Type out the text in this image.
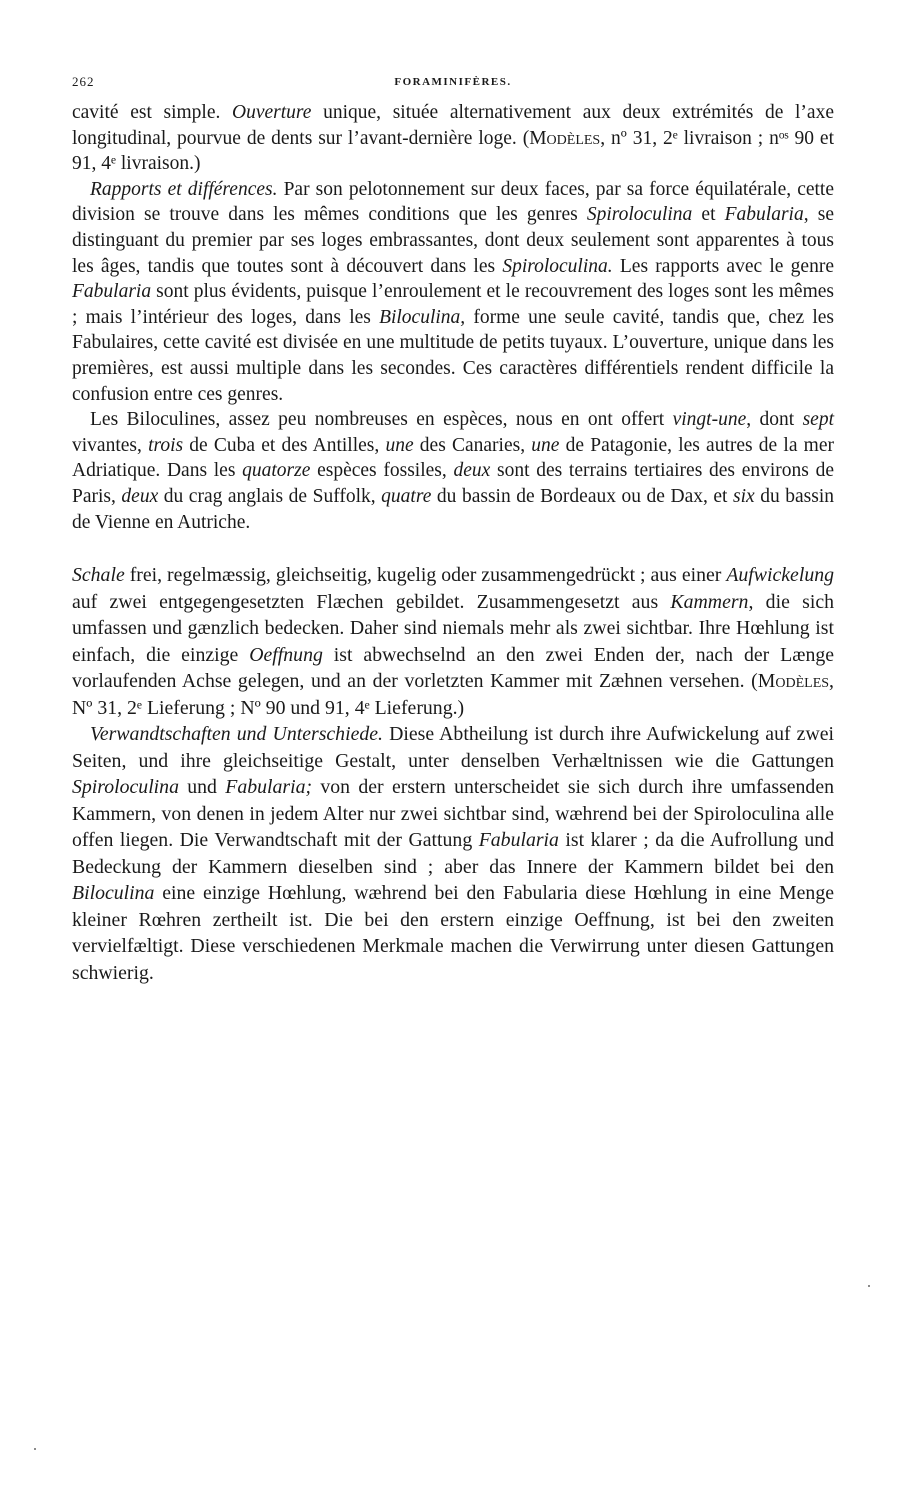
262	FORAMINIFÈRES.

cavité est simple. Ouverture unique, située alternativement aux deux extrémités de l’axe longitudinal, pourvue de dents sur l’avant-dernière loge. (Modèles, nº 31, 2ᵉ livraison ; nᵒˢ 90 et 91, 4ᵉ livraison.)

Rapports et différences. Par son pelotonnement sur deux faces, par sa force équilatérale, cette division se trouve dans les mêmes conditions que les genres Spiroloculina et Fabularia, se distinguant du premier par ses loges embrassantes, dont deux seulement sont apparentes à tous les âges, tandis que toutes sont à découvert dans les Spiroloculina. Les rapports avec le genre Fabularia sont plus évidents, puisque l’enroulement et le recouvrement des loges sont les mêmes ; mais l’intérieur des loges, dans les Biloculina, forme une seule cavité, tandis que, chez les Fabulaires, cette cavité est divisée en une multitude de petits tuyaux. L’ouverture, unique dans les premières, est aussi multiple dans les secondes. Ces caractères différentiels rendent difficile la confusion entre ces genres.

Les Biloculines, assez peu nombreuses en espèces, nous en ont offert vingt-une, dont sept vivantes, trois de Cuba et des Antilles, une des Canaries, une de Patagonie, les autres de la mer Adriatique. Dans les quatorze espèces fossiles, deux sont des terrains tertiaires des environs de Paris, deux du crag anglais de Suffolk, quatre du bassin de Bordeaux ou de Dax, et six du bassin de Vienne en Autriche.

Schale frei, regelmæssig, gleichseitig, kugelig oder zusammengedrückt ; aus einer Aufwickelung auf zwei entgegengesetzten Flæchen gebildet. Zusammengesetzt aus Kammern, die sich umfassen und gænzlich bedecken. Daher sind niemals mehr als zwei sichtbar. Ihre Hœhlung ist einfach, die einzige Oeffnung ist abwechselnd an den zwei Enden der, nach der Længe vorlaufenden Achse gelegen, und an der vorletzten Kammer mit Zæhnen versehen. (Modèles, Nº 31, 2ᵉ Lieferung ; Nº 90 und 91, 4ᵉ Lieferung.)

Verwandtschaften und Unterschiede. Diese Abtheilung ist durch ihre Aufwickelung auf zwei Seiten, und ihre gleichseitige Gestalt, unter denselben Verhæltnissen wie die Gattungen Spiroloculina und Fabularia; von der erstern unterscheidet sie sich durch ihre umfassenden Kammern, von denen in jedem Alter nur zwei sichtbar sind, wæhrend bei der Spiroloculina alle offen liegen. Die Verwandtschaft mit der Gattung Fabularia ist klarer ; da die Aufrollung und Bedeckung der Kammern dieselben sind ; aber das Innere der Kammern bildet bei den Biloculina eine einzige Hœhlung, wæhrend bei den Fabularia diese Hœhlung in eine Menge kleiner Rœhren zertheilt ist. Die bei den erstern einzige Oeffnung, ist bei den zweiten vervielfæltigt. Diese verschiedenen Merkmale machen die Verwirrung unter diesen Gattungen schwierig.
